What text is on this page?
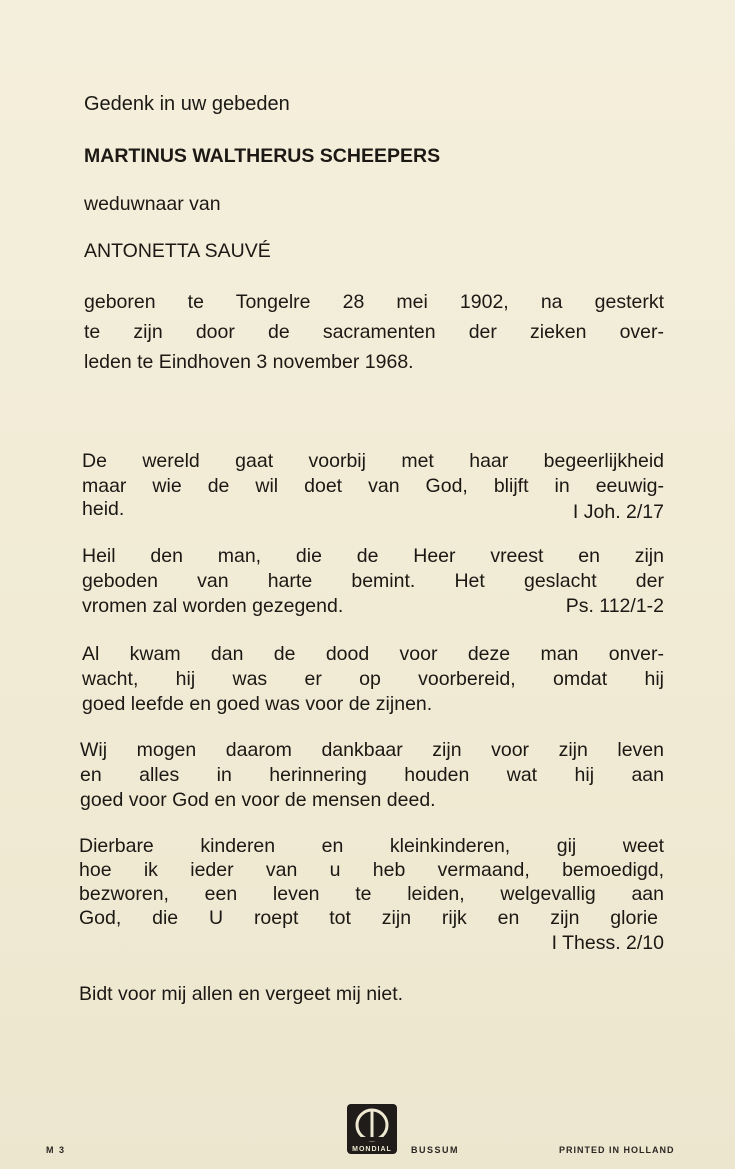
Gedenk in uw gebeden
MARTINUS WALTHERUS SCHEEPERS
weduwnaar van
ANTONETTA SAUVÉ
geboren te Tongelre 28 mei 1902, na gesterkt
te zijn door de sacramenten der zieken over-
leden te Eindhoven 3 november 1968.
De wereld gaat voorbij met haar begeerlijkheid
maar wie de wil doet van God, blijft in eeuwig-
heid.	I Joh. 2/17
Heil den man, die de Heer vreest en zijn
geboden van harte bemint. Het geslacht der
vromen zal worden gezegend.	Ps. 112/1-2
Al kwam dan de dood voor deze man onver-
wacht, hij was er op voorbereid, omdat hij
goed leefde en goed was voor de zijnen.
Wij mogen daarom dankbaar zijn voor zijn leven
en alles in herinnering houden wat hij aan
goed voor God en voor de mensen deed.
Dierbare kinderen en kleinkinderen, gij weet
hoe ik ieder van u heb vermaand, bemoedigd,
bezworen, een leven te leiden, welgevallig aan
God, die U roept tot zijn rijk en zijn glorie
I Thess. 2/10
Bidt voor mij allen en vergeet mij niet.
M 3	MONDIAL BUSSUM	PRINTED IN HOLLAND
